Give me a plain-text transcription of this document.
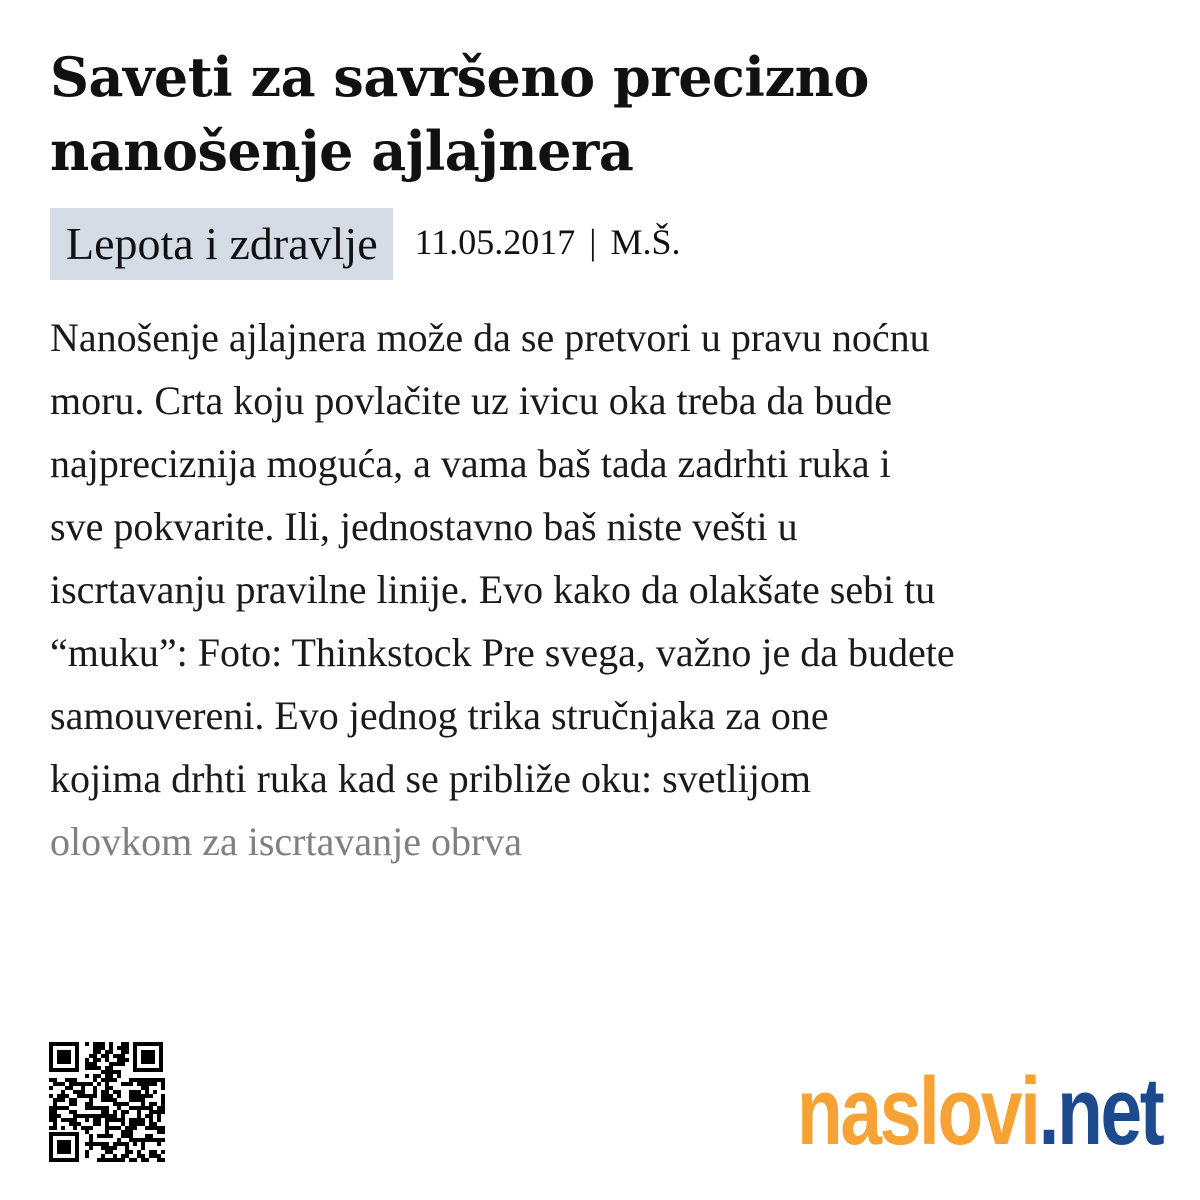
Saveti za savršeno precizno nanošenje ajlajnera
Lepota i zdravlje	11.05.2017 | M.Š.
Nanošenje ajlajnera može da se pretvori u pravu noćnu
moru. Crta koju povlačite uz ivicu oka treba da bude
najpreciznija moguća, a vama baš tada zadrhti ruka i
sve pokvarite. Ili, jednostavno baš niste vešti u
iscrtavanju pravilne linije. Evo kako da olakšate sebi tu
“muku”: Foto: Thinkstock Pre svega, važno je da budete
samouvereni. Evo jednog trika stručnjaka za one
kojima drhti ruka kad se približe oku: svetlijom
olovkom za iscrtavanje obrva
naslovi.net
